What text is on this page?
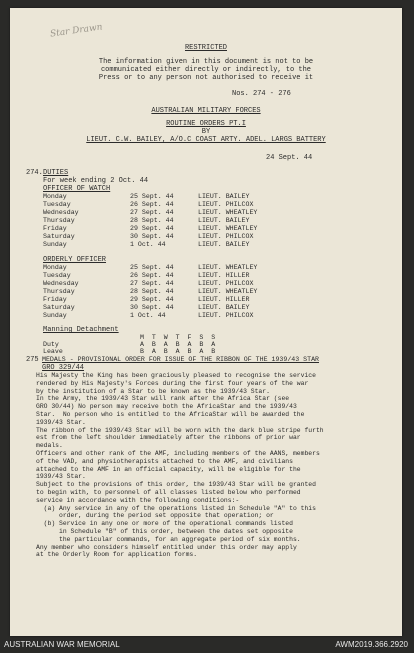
Star Drawn
RESTRICTED
The information given in this document is not to be
communicated either directly or indirectly, to the
Press or to any person not authorised to receive it
Nos. 274 - 276
AUSTRALIAN MILITARY FORCES
ROUTINE ORDERS PT.I
BY
LIEUT. C.W. BAILEY, A/O.C COAST ARTY. ADEL. LARGS BATTERY
24 Sept. 44
274. DUTIES
For week ending 2 Oct. 44
OFFICER OF WATCH
Monday	25 Sept. 44	LIEUT. BAILEY
Tuesday	26 Sept. 44	LIEUT. PHILCOX
Wednesday	27 Sept. 44	LIEUT. WHEATLEY
Thursday	28 Sept. 44	LIEUT. BAILEY
Friday	29 Sept. 44	LIEUT. WHEATLEY
Saturday	30 Sept. 44	LIEUT. PHILCOX
Sunday	1 Oct. 44	LIEUT. BAILEY
ORDERLY OFFICER
Monday	25 Sept. 44	LIEUT. WHEATLEY
Tuesday	26 Sept. 44	LIEUT. HILLER
Wednesday	27 Sept. 44	LIEUT. PHILCOX
Thursday	28 Sept. 44	LIEUT. WHEATLEY
Friday	29 Sept. 44	LIEUT. HILLER
Saturday	30 Sept. 44	LIEUT. BAILEY
Sunday	1 Oct. 44	LIEUT. PHILCOX
Manning Detachment
M  T  W  T  F  S  S
Duty	A  B  A  B  A  B  A
Leave	B  A  B  A  B  A  B
275 MEDALS - PROVISIONAL ORDER FOR ISSUE OF THE RIBBON OF THE 1939/43 STAR
GRO 329/44
His Majesty the King has been graciously pleased to recognise the service
rendered by His Majesty's Forces during the first four years of the war
by the institution of a Star to be known as the 1939/43 Star.
In the Army, the 1939/43 Star will rank after the Africa Star (see
GRO 30/44) No person may receive both the AfricaStar and the 1939/43
Star.  No person who is entitled to the AfricaStar will be awarded the
1939/43 Star.
The ribbon of the 1939/43 Star will be worn with the dark blue stripe furth
est from the left shoulder immediately after the ribbons of prior war
medals.
Officers and other rank of the AMF, including members of the AANS, members
of the VAD, and physiotherapists attached to the AMF, and civilians
attached to the AMF in an official capacity, will be eligible for the
1939/43 Star.
Subject to the provisions of this order, the 1939/43 Star will be granted
to begin with, to personnel of all classes listed below who performed
service in accordance with the following conditions:-
(a) Any service in any of the operations listed in Schedule "A" to this
order, during the period set opposite that operation; or
(b) Service in any one or more of the operational commands listed
in Schedule "B" of this order, between the dates set opposite
the particular commands, for an aggregate period of six months.
Any member who considers himself entitled under this order may apply
at the Orderly Room for application forms.
AUSTRALIAN WAR MEMORIAL	AWM2019.366.2920
